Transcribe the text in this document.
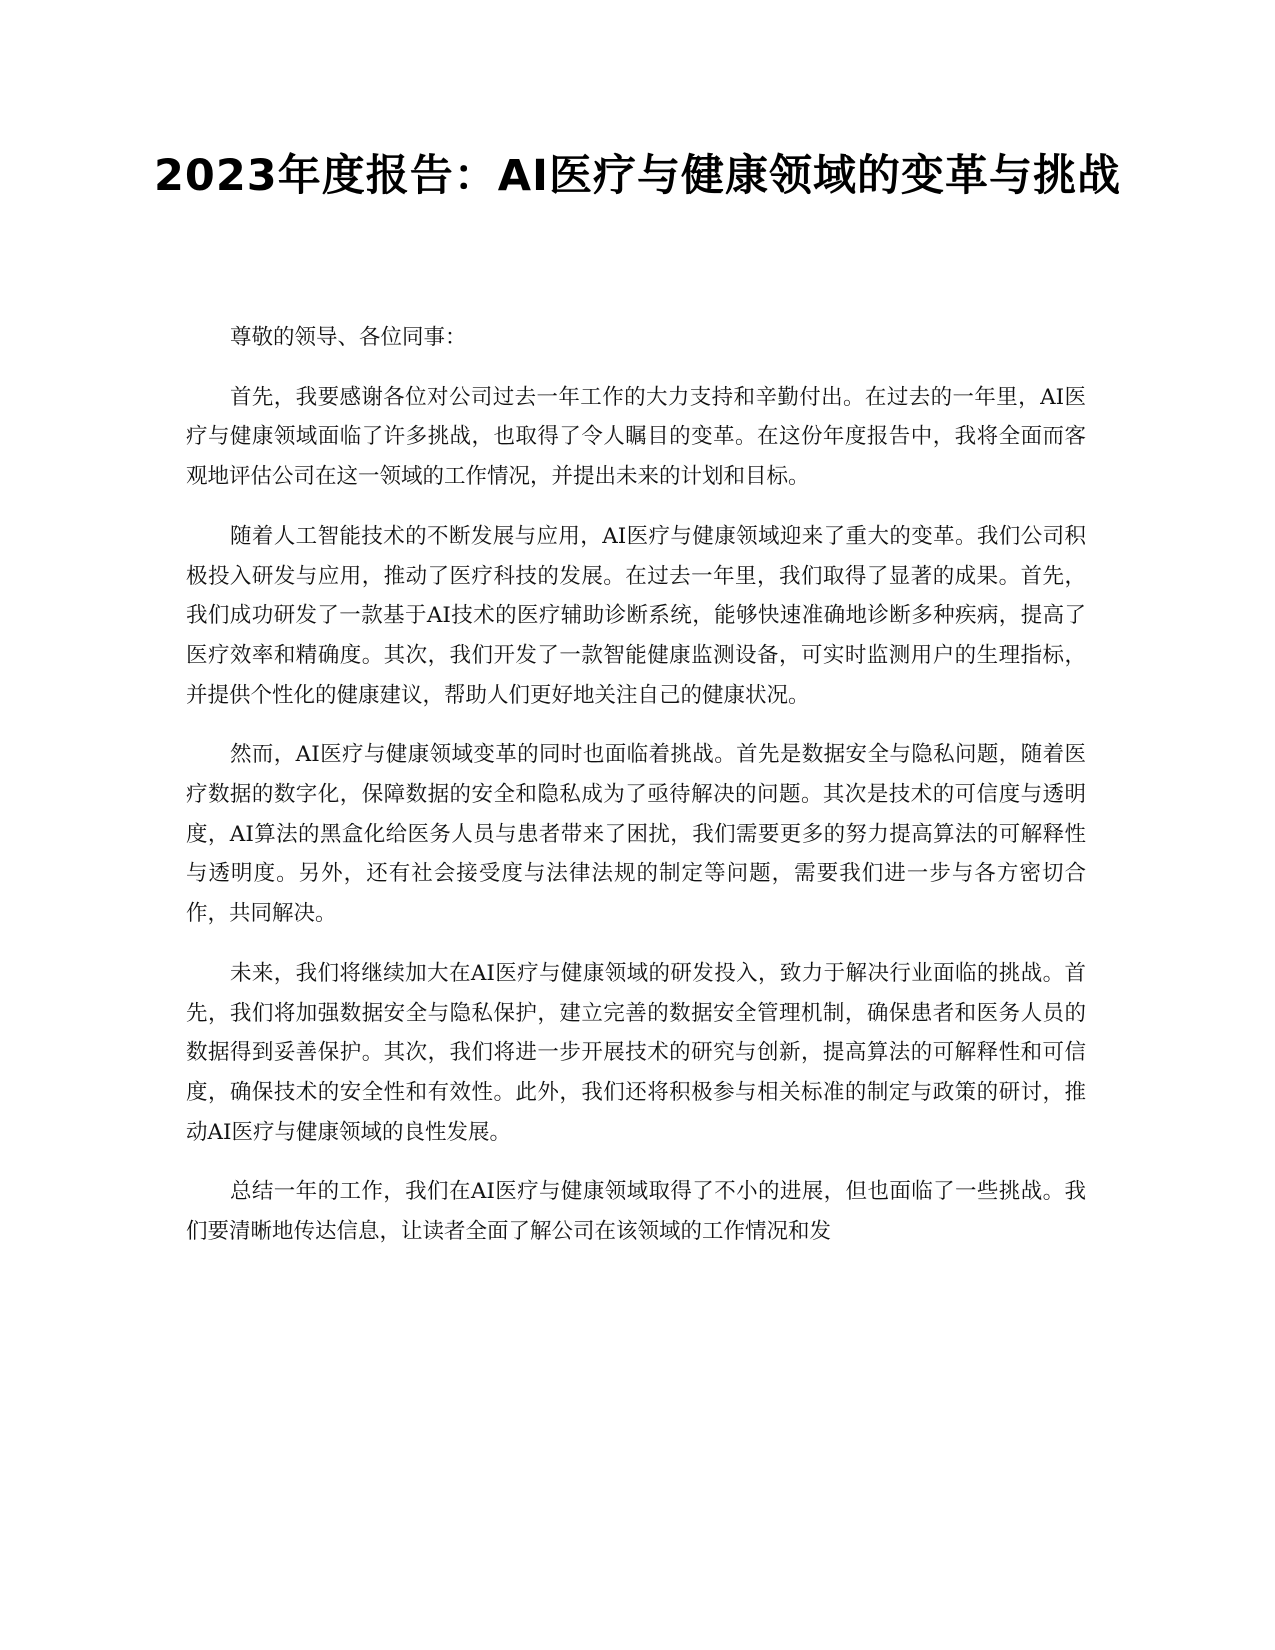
2023年度报告：AI医疗与健康领域的变革与挑战

尊敬的领导、各位同事：

首先，我要感谢各位对公司过去一年工作的大力支持和辛勤付出。在过去的一年里，AI医疗与健康领域面临了许多挑战，也取得了令人瞩目的变革。在这份年度报告中，我将全面而客观地评估公司在这一领域的工作情况，并提出未来的计划和目标。

随着人工智能技术的不断发展与应用，AI医疗与健康领域迎来了重大的变革。我们公司积极投入研发与应用，推动了医疗科技的发展。在过去一年里，我们取得了显著的成果。首先，我们成功研发了一款基于AI技术的医疗辅助诊断系统，能够快速准确地诊断多种疾病，提高了医疗效率和精确度。其次，我们开发了一款智能健康监测设备，可实时监测用户的生理指标，并提供个性化的健康建议，帮助人们更好地关注自己的健康状况。

然而，AI医疗与健康领域变革的同时也面临着挑战。首先是数据安全与隐私问题，随着医疗数据的数字化，保障数据的安全和隐私成为了亟待解决的问题。其次是技术的可信度与透明度，AI算法的黑盒化给医务人员与患者带来了困扰，我们需要更多的努力提高算法的可解释性与透明度。另外，还有社会接受度与法律法规的制定等问题，需要我们进一步与各方密切合作，共同解决。

未来，我们将继续加大在AI医疗与健康领域的研发投入，致力于解决行业面临的挑战。首先，我们将加强数据安全与隐私保护，建立完善的数据安全管理机制，确保患者和医务人员的数据得到妥善保护。其次，我们将进一步开展技术的研究与创新，提高算法的可解释性和可信度，确保技术的安全性和有效性。此外，我们还将积极参与相关标准的制定与政策的研讨，推动AI医疗与健康领域的良性发展。

总结一年的工作，我们在AI医疗与健康领域取得了不小的进展，但也面临了一些挑战。我们要清晰地传达信息，让读者全面了解公司在该领域的工作情况和发
